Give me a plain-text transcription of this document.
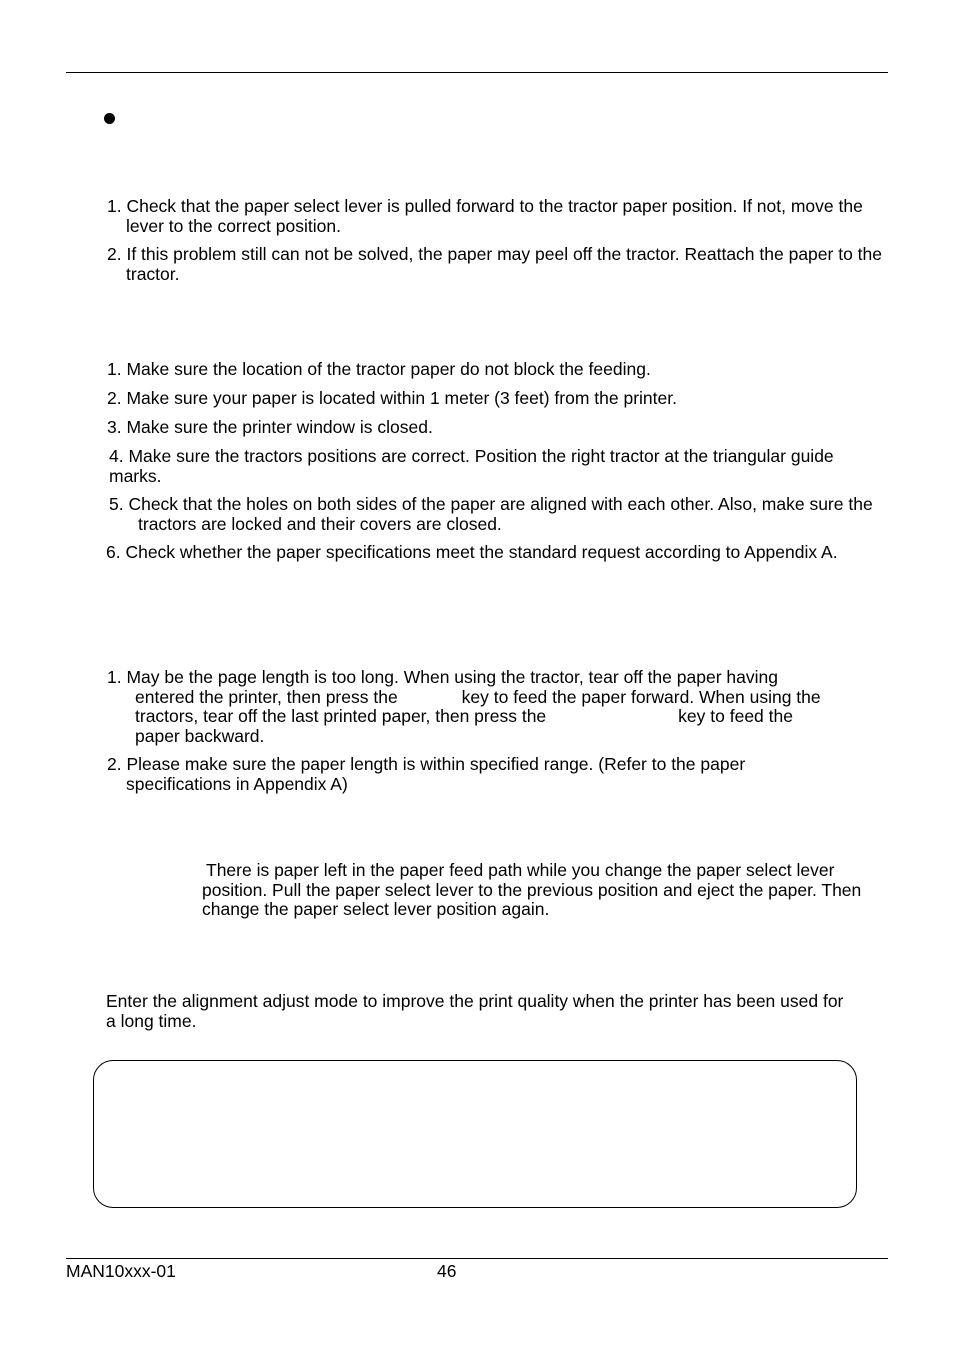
1. Check that the paper select lever is pulled forward to the tractor paper position. If not, move the lever to the correct position.

2. If this problem still can not be solved, the paper may peel off the tractor. Reattach the paper to the tractor.

1. Make sure the location of the tractor paper do not block the feeding.

2. Make sure your paper is located within 1 meter (3 feet) from the printer.

3. Make sure the printer window is closed.

4. Make sure the tractors positions are correct. Position the right tractor at the triangular guide marks.

5. Check that the holes on both sides of the paper are aligned with each other. Also, make sure the tractors are locked and their covers are closed.

6. Check whether the paper specifications meet the standard request according to Appendix A.

1. May be the page length is too long. When using the tractor, tear off the paper having
entered the printer, then press the	key to feed the paper forward. When using the
tractors, tear off the last printed paper, then press the	key to feed the
paper backward.

2. Please make sure the paper length is within specified range. (Refer to the paper specifications in Appendix A)

There is paper left in the paper feed path while you change the paper select lever position. Pull the paper select lever to the previous position and eject the paper. Then change the paper select lever position again.

Enter the alignment adjust mode to improve the print quality when the printer has been used for a long time.

MAN10xxx-01	46
